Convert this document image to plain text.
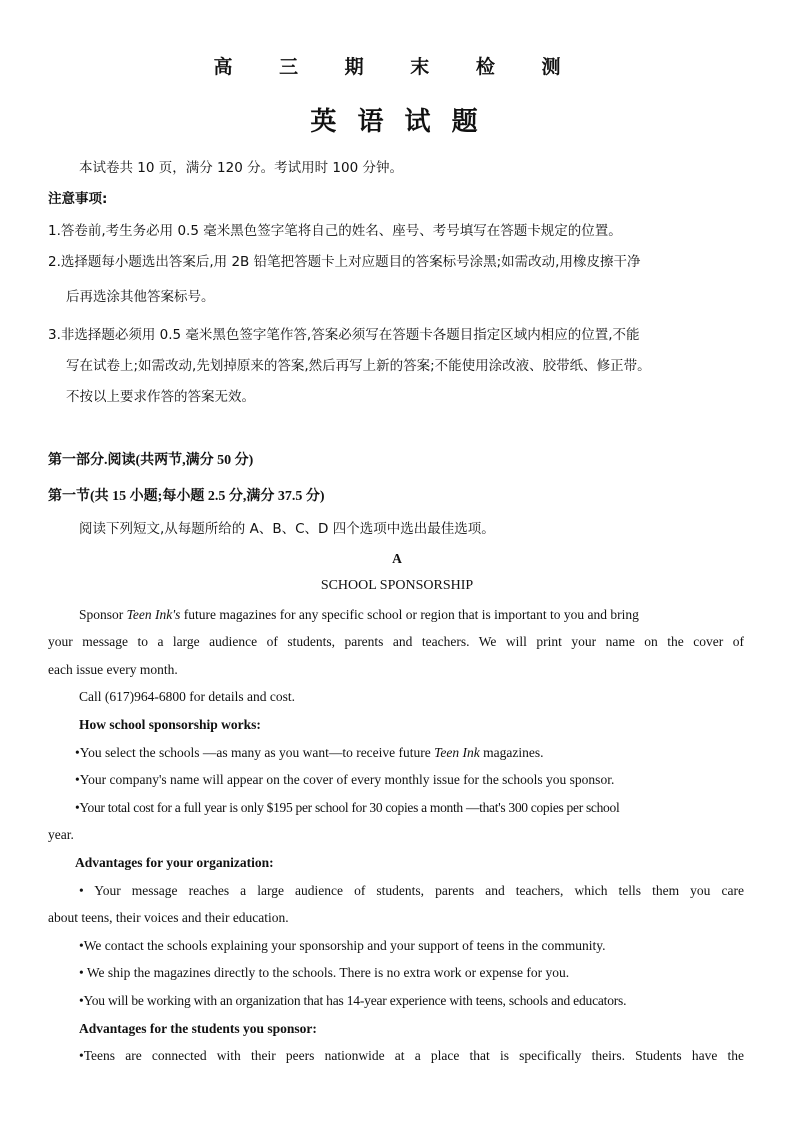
高 三 期 末 检 测
英 语 试 题
本试卷共 10 页，满分 120 分。考试用时 100 分钟。
注意事项:
1.答卷前,考生务必用 0.5 毫米黑色签字笔将自己的姓名、座号、考号填写在答题卡规定的位置。
2.选择题每小题选出答案后,用 2B 铅笔把答题卡上对应题目的答案标号涂黑;如需改动,用橡皮擦干净
后再选涂其他答案标号。
3.非选择题必须用 0.5 毫米黑色签字笔作答,答案必须写在答题卡各题目指定区域内相应的位置,不能
写在试卷上;如需改动,先划掉原来的答案,然后再写上新的答案;不能使用涂改液、胶带纸、修正带。
不按以上要求作答的答案无效。
第一部分.阅读(共两节,满分 50 分)
第一节(共 15 小题;每小题 2.5 分,满分 37.5 分)
阅读下列短文,从每题所给的 A、B、C、D 四个选项中选出最佳选项。
A
SCHOOL SPONSORSHIP
Sponsor Teen Ink's future magazines for any specific school or region that is important to you and bring
your message to a large audience of students, parents and teachers. We will print your name on the cover of
each issue every month.
Call (617)964-6800 for details and cost.
How school sponsorship works:
•You select the schools —as many as you want—to receive future Teen Ink magazines.
•Your company's name will appear on the cover of every monthly issue for the schools you sponsor.
•Your total cost for a full year is only $195 per school for 30 copies a month —that's 300 copies per school
year.
Advantages for your organization:
• Your message reaches a large audience of students, parents and teachers, which tells them you care
about teens, their voices and their education.
•We contact the schools explaining your sponsorship and your support of teens in the community.
• We ship the magazines directly to the schools. There is no extra work or expense for you.
•You will be working with an organization that has 14-year experience with teens, schools and educators.
Advantages for the students you sponsor:
•Teens are connected with their peers nationwide at a place that is specifically theirs. Students have the
